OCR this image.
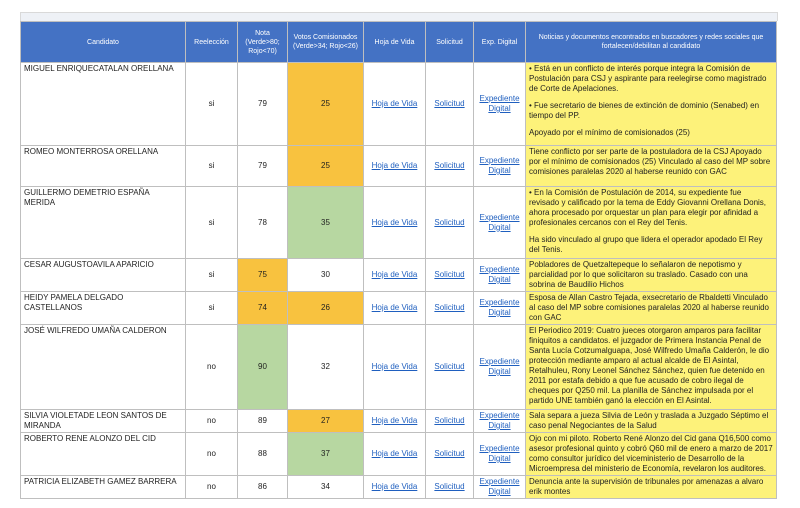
Candidato	Reelección	Nota (Verde>80; Rojo<70)	Votos Comisionados (Verde>34; Rojo<26)	Hoja de Vida	Solicitud	Exp. Digital	Noticias y documentos encontrados en buscadores y redes sociales que fortalecen/debilitan al candidato
MIGUEL ENRIQUECATALAN ORELLANA	si	79	25	Hoja de Vida	Solicitud	Expediente Digital	• Está en un conflicto de interés porque integra la Comisión de Postulación para CSJ y aspirante para reelegirse como magistrado de Corte de Apelaciones.

• Fue secretario de bienes de extinción de dominio (Senabed) en tiempo del PP.

Apoyado por el mínimo de comisionados (25)

ROMEO MONTERROSA ORELLANA	si	79	25	Hoja de Vida	Solicitud	Expediente Digital	Tiene conflicto por ser parte de la postuladora de la CSJ Apoyado por el mínimo de comisionados (25) Vinculado al caso del MP sobre comisiones paralelas 2020 al haberse reunido con GAC

GUILLERMO DEMETRIO ESPAÑA MERIDA	si	78	35	Hoja de Vida	Solicitud	Expediente Digital	• En la Comisión de Postulación de 2014, su expediente fue revisado y calificado por la tema de Eddy Giovanni Orellana Donis, ahora procesado por orquestar un plan para elegir por afinidad a profesionales cercanos con el Rey del Tenis.

Ha sido vinculado al grupo que lidera el operador apodado El Rey del Tenis.

CESAR AUGUSTOAVILA APARICIO	si	75	30	Hoja de Vida	Solicitud	Expediente Digital	Pobladores de Quetzaltepeque lo señalaron de nepotismo y parcialidad por lo que solicitaron su traslado. Casado con una sobrina de Baudilio Hichos

HEIDY PAMELA DELGADO CASTELLANOS	si	74	26	Hoja de Vida	Solicitud	Expediente Digital	Esposa de Allan Castro Tejada, exsecretario de Rbaldetti Vinculado al caso del MP sobre comisiones paralelas 2020 al haberse reunido con GAC

JOSÉ WILFREDO UMAÑA CALDERON	no	90	32	Hoja de Vida	Solicitud	Expediente Digital	El Periodico 2019: Cuatro jueces otorgaron amparos para facilitar finiquitos a candidatos. el juzgador de Primera Instancia Penal de Santa Lucía Cotzumalguapa, José Wilfredo Umaña Calderón, le dio protección mediante amparo al actual alcalde de El Asintal, Retalhuleu, Rony Leonel Sánchez Sánchez, quien fue detenido en 2011 por estafa debido a que fue acusado de cobro ilegal de cheques por Q250 mil. La planilla de Sánchez impulsada por el partido UNE también ganó la elección en El Asintal.

SILVIA VIOLETADE LEON SANTOS DE MIRANDA	no	89	27	Hoja de Vida	Solicitud	Expediente Digital	Sala separa a jueza Silvia de León y traslada a Juzgado Séptimo el caso penal Negociantes de la Salud

ROBERTO RENE ALONZO DEL CID	no	88	37	Hoja de Vida	Solicitud	Expediente Digital	Ojo con mi piloto. Roberto René Alonzo del Cid gana Q16,500 como asesor profesional quinto y cobró Q60 mil de enero a marzo de 2017 como consultor jurídico del viceministerio de Desarrollo de la Microempresa del ministerio de Economía, revelaron los auditores.

PATRICIA ELIZABETH GAMEZ BARRERA	no	86	34	Hoja de Vida	Solicitud	Expediente Digital	Denuncia ante la supervisión de tribunales por amenazas a alvaro erik montes
